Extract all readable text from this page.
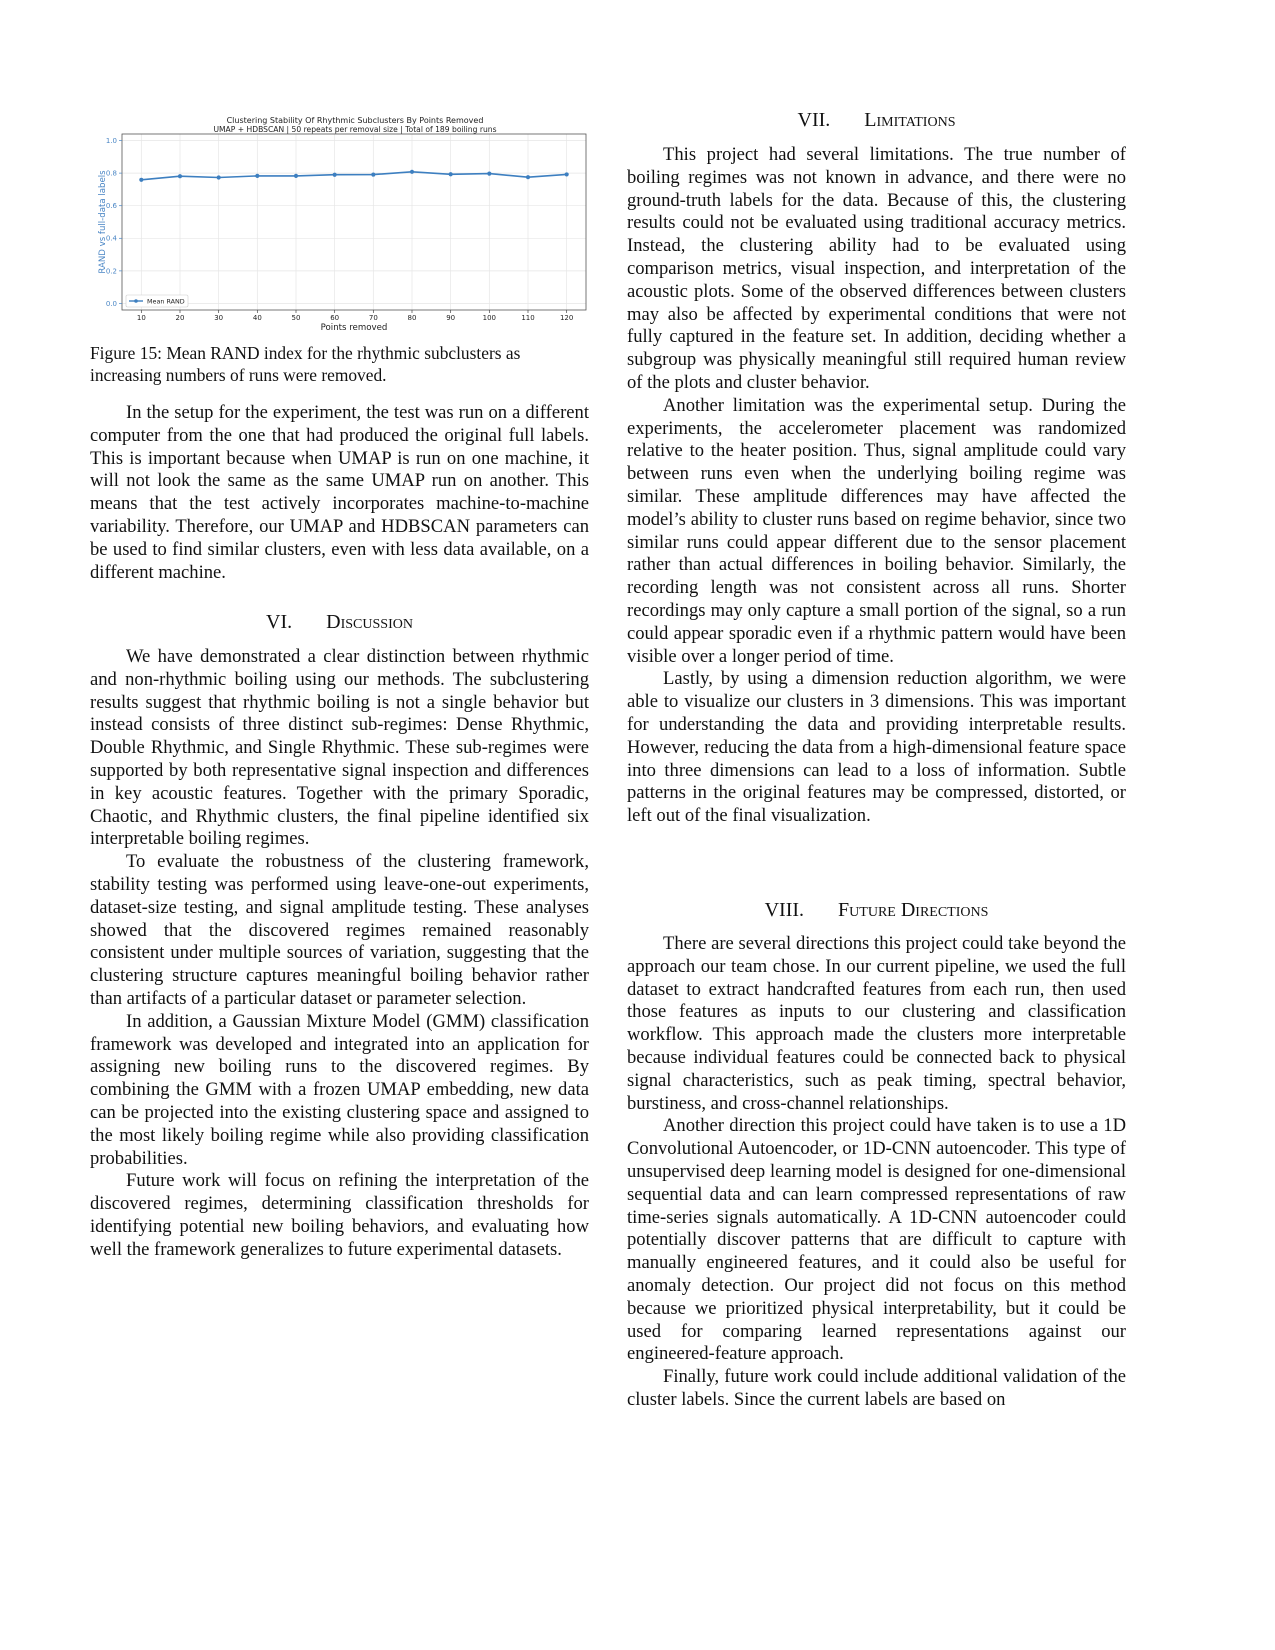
Clustering Stability Of Rhythmic Subclusters By Points Removed
UMAP + HDBSCAN | 50 repeats per removal size | Total of 189 boiling runs
10	20	30	40	50	60	70	80	90	100	110	120
0.0
0.2
0.4
0.6
0.8
1.0
Points removed
RAND vs full-data labels
Mean RAND

Figure 15: Mean RAND index for the rhythmic subclusters as increasing numbers of runs were removed.

In the setup for the experiment, the test was run on a different computer from the one that had produced the original full labels. This is important because when UMAP is run on one machine, it will not look the same as the same UMAP run on another. This means that the test actively incorporates machine-to-machine variability. Therefore, our UMAP and HDBSCAN parameters can be used to find similar clusters, even with less data available, on a different machine.

VI. Discussion

We have demonstrated a clear distinction between rhythmic and non-rhythmic boiling using our methods. The subclustering results suggest that rhythmic boiling is not a single behavior but instead consists of three distinct sub-regimes: Dense Rhythmic, Double Rhythmic, and Single Rhythmic. These sub-regimes were supported by both representative signal inspection and differences in key acoustic features. Together with the primary Sporadic, Chaotic, and Rhythmic clusters, the final pipeline identified six interpretable boiling regimes.

To evaluate the robustness of the clustering framework, stability testing was performed using leave-one-out experiments, dataset-size testing, and signal amplitude testing. These analyses showed that the discovered regimes remained reasonably consistent under multiple sources of variation, suggesting that the clustering structure captures meaningful boiling behavior rather than artifacts of a particular dataset or parameter selection.

In addition, a Gaussian Mixture Model (GMM) classification framework was developed and integrated into an application for assigning new boiling runs to the discovered regimes. By combining the GMM with a frozen UMAP embedding, new data can be projected into the existing clustering space and assigned to the most likely boiling regime while also providing classification probabilities.

Future work will focus on refining the interpretation of the discovered regimes, determining classification thresholds for identifying potential new boiling behaviors, and evaluating how well the framework generalizes to future experimental datasets.

VII. Limitations

This project had several limitations. The true number of boiling regimes was not known in advance, and there were no ground-truth labels for the data. Because of this, the clustering results could not be evaluated using traditional accuracy metrics. Instead, the clustering ability had to be evaluated using comparison metrics, visual inspection, and interpretation of the acoustic plots. Some of the observed differences between clusters may also be affected by experimental conditions that were not fully captured in the feature set. In addition, deciding whether a subgroup was physically meaningful still required human review of the plots and cluster behavior.

Another limitation was the experimental setup. During the experiments, the accelerometer placement was randomized relative to the heater position. Thus, signal amplitude could vary between runs even when the underlying boiling regime was similar. These amplitude differences may have affected the model’s ability to cluster runs based on regime behavior, since two similar runs could appear different due to the sensor placement rather than actual differences in boiling behavior. Similarly, the recording length was not consistent across all runs. Shorter recordings may only capture a small portion of the signal, so a run could appear sporadic even if a rhythmic pattern would have been visible over a longer period of time.

Lastly, by using a dimension reduction algorithm, we were able to visualize our clusters in 3 dimensions. This was important for understanding the data and providing interpretable results. However, reducing the data from a high-dimensional feature space into three dimensions can lead to a loss of information. Subtle patterns in the original features may be compressed, distorted, or left out of the final visualization.

VIII. Future Directions

There are several directions this project could take beyond the approach our team chose. In our current pipeline, we used the full dataset to extract handcrafted features from each run, then used those features as inputs to our clustering and classification workflow. This approach made the clusters more interpretable because individual features could be connected back to physical signal characteristics, such as peak timing, spectral behavior, burstiness, and cross-channel relationships.

Another direction this project could have taken is to use a 1D Convolutional Autoencoder, or 1D-CNN autoencoder. This type of unsupervised deep learning model is designed for one-dimensional sequential data and can learn compressed representations of raw time-series signals automatically. A 1D-CNN autoencoder could potentially discover patterns that are difficult to capture with manually engineered features, and it could also be useful for anomaly detection. Our project did not focus on this method because we prioritized physical interpretability, but it could be used for comparing learned representations against our engineered-feature approach.

Finally, future work could include additional validation of the cluster labels. Since the current labels are based on
